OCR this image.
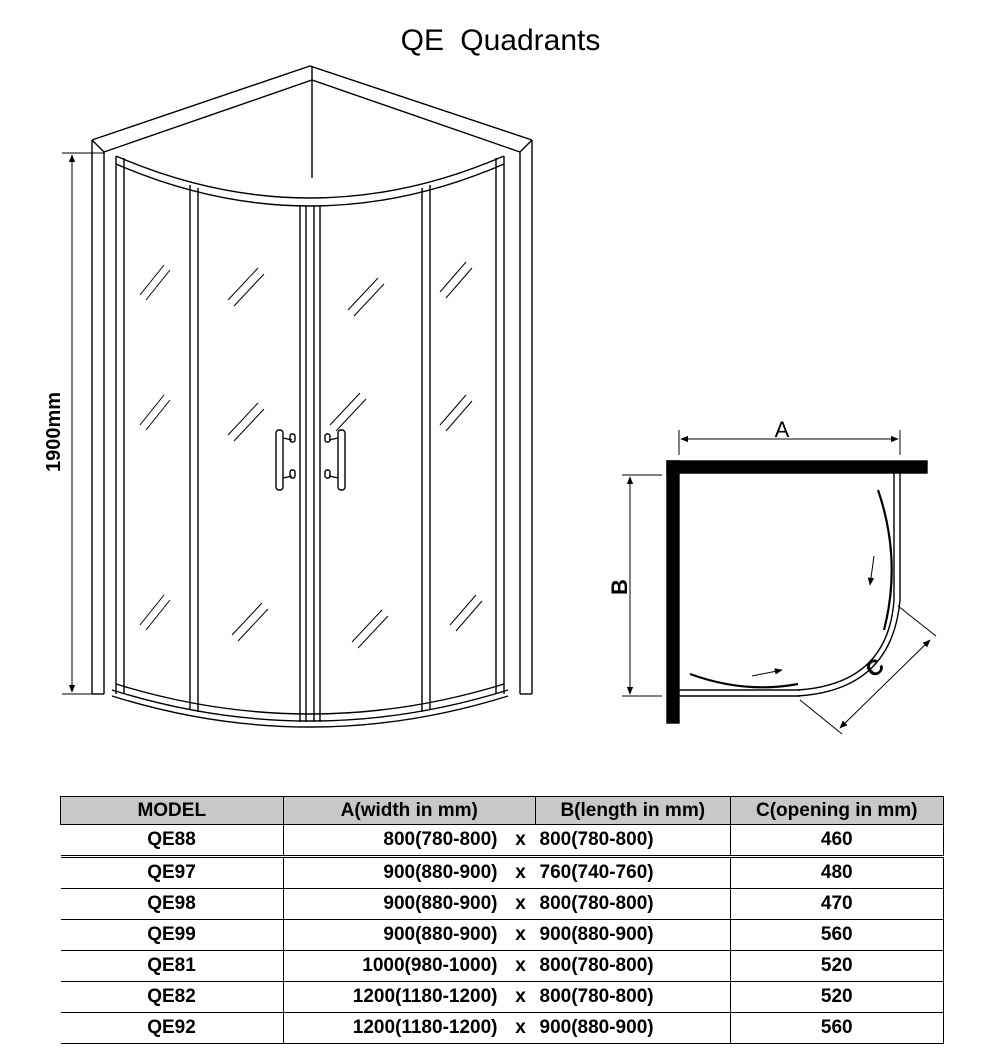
QE Quadrants
1900mm	A
B
C
MODEL	A(width in mm)		B(length in mm)	C(opening in mm)
QE88	800(780-800)	x	800(780-800)	460
QE97	900(880-900)	x	760(740-760)	480
QE98	900(880-900)	x	800(780-800)	470
QE99	900(880-900)	x	900(880-900)	560
QE81	1000(980-1000)	x	800(780-800)	520
QE82	1200(1180-1200)	x	800(780-800)	520
QE92	1200(1180-1200)	x	900(880-900)	560
